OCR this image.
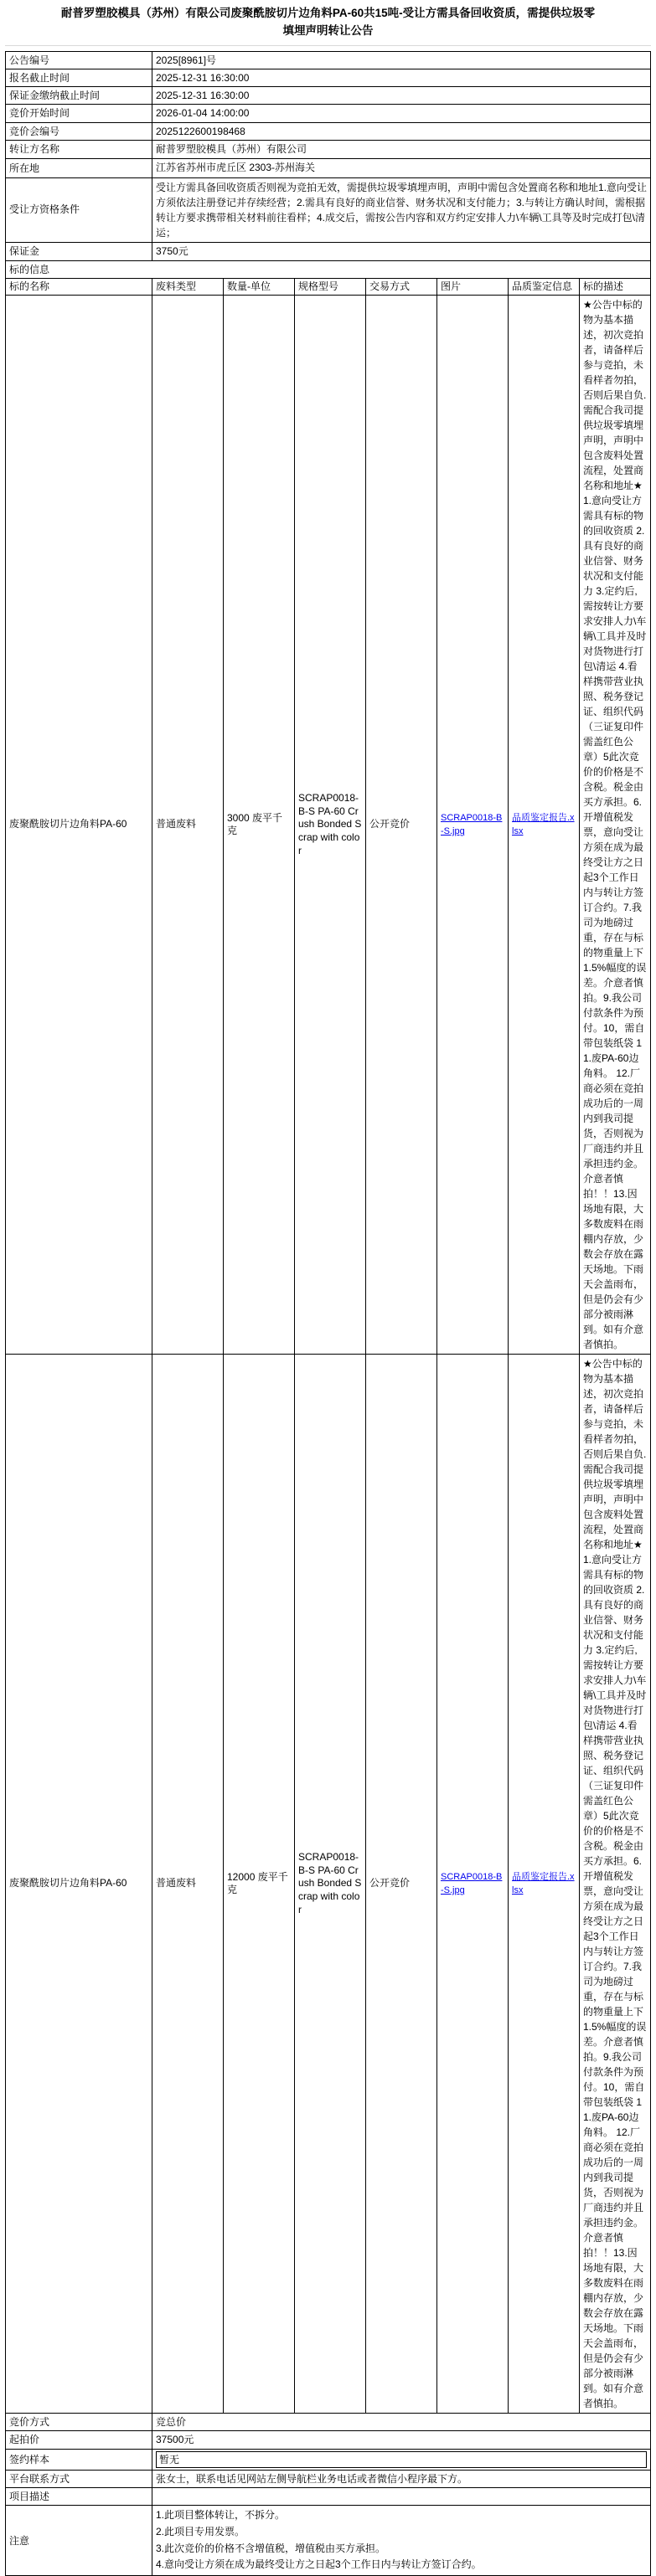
耐普罗塑胶模具（苏州）有限公司废聚酰胺切片边角料PA-60共15吨-受让方需具备回收资质，需提供垃圾零填埋声明转让公告
公告编号	2025[8961]号						
报名截止时间	2025-12-31 16:30:00						
保证金缴纳截止时间	2025-12-31 16:30:00						
竞价开始时间	2026-01-04 14:00:00						
竞价会编号	2025122600198468						
转让方名称	耐普罗塑胶模具（苏州）有限公司						
所在地	江苏省苏州市虎丘区 2303-苏州海关						
受让方资格条件	受让方需具备回收资质否则视为竞拍无效，需提供垃圾零填埋声明，声明中需包含处置商名称和地址1.意向受让方须依法注册登记并存续经营；2.需具有良好的商业信誉、财务状况和支付能力；3.与转让方确认时间，需根据转让方要求携带相关材料前往看样；4.成交后，需按公告内容和双方约定安排人力\车辆\工具等及时完成打包\清运；						
保证金	3750元						
标的信息							
标的名称	废料类型	数量-单位	规格型号	交易方式	图片	品质鉴定信息	标的描述
废聚酰胺切片边角料PA-60	普通废料	3000 废平千克	SCRAP0018-B-S PA-60 Crush Bonded Scrap with color	公开竞价	SCRAP0018-B-S.jpg	品质鉴定报告.xlsx	★公告中标的物为基本描述，初次竞拍者，请备样后参与竞拍，未看样者勿拍，否则后果自负.需配合我司提供垃圾零填埋声明，声明中包含废料处置流程，处置商名称和地址★ 1.意向受让方需具有标的物的回收资质 2.具有良好的商业信誉、财务状况和支付能力 3.定约后,需按转让方要求安排人力\车辆\工具并及时对货物进行打包\清运 4.看样携带营业执照、税务登记证、组织代码（三证复印件需盖红色公章）5此次竞价的价格是不含税。税金由买方承担。6.开增值税发票，意向受让方须在成为最终受让方之日起3个工作日内与转让方签订合约。7.我司为地磅过重，存在与标的物重量上下1.5%幅度的误差。介意者慎拍。9.我公司付款条件为预付。10，需自带包装纸袋 11.废PA-60边角料。 12.厂商必须在竞拍成功后的一周内到我司提货，否则视为厂商违约并且承担违约金。介意者慎拍！！13.因场地有限，大多数废料在雨棚内存放，少数会存放在露天场地。下雨天会盖雨布，但是仍会有少部分被雨淋到。如有介意者慎拍。
废聚酰胺切片边角料PA-60	普通废料	12000 废平千克	SCRAP0018-B-S PA-60 Crush Bonded Scrap with color	公开竞价	SCRAP0018-B-S.jpg	品质鉴定报告.xlsx	★公告中标的物为基本描述，初次竞拍者，请备样后参与竞拍，未看样者勿拍，否则后果自负.需配合我司提供垃圾零填埋声明，声明中包含废料处置流程，处置商名称和地址★ 1.意向受让方需具有标的物的回收资质 2.具有良好的商业信誉、财务状况和支付能力 3.定约后,需按转让方要求安排人力\车辆\工具并及时对货物进行打包\清运 4.看样携带营业执照、税务登记证、组织代码（三证复印件需盖红色公章）5此次竞价的价格是不含税。税金由买方承担。6.开增值税发票，意向受让方须在成为最终受让方之日起3个工作日内与转让方签订合约。7.我司为地磅过重，存在与标的物重量上下1.5%幅度的误差。介意者慎拍。9.我公司付款条件为预付。10，需自带包装纸袋 11.废PA-60边角料。 12.厂商必须在竞拍成功后的一周内到我司提货，否则视为厂商违约并且承担违约金。介意者慎拍！！13.因场地有限，大多数废料在雨棚内存放，少数会存放在露天场地。下雨天会盖雨布，但是仍会有少部分被雨淋到。如有介意者慎拍。
竞价方式	竞总价						
起拍价	37500元						
签约样本	暂无						

平台联系方式	张女士，联系电话见网站左侧导航栏业务电话或者微信小程序最下方。						
项目描述							
注意	1.此项目整体转让，不拆分。
2.此项目专用发票。
3.此次竞价的价格不含增值税，增值税由买方承担。
4.意向受让方须在成为最终受让方之日起3个工作日内与转让方签订合约。						
